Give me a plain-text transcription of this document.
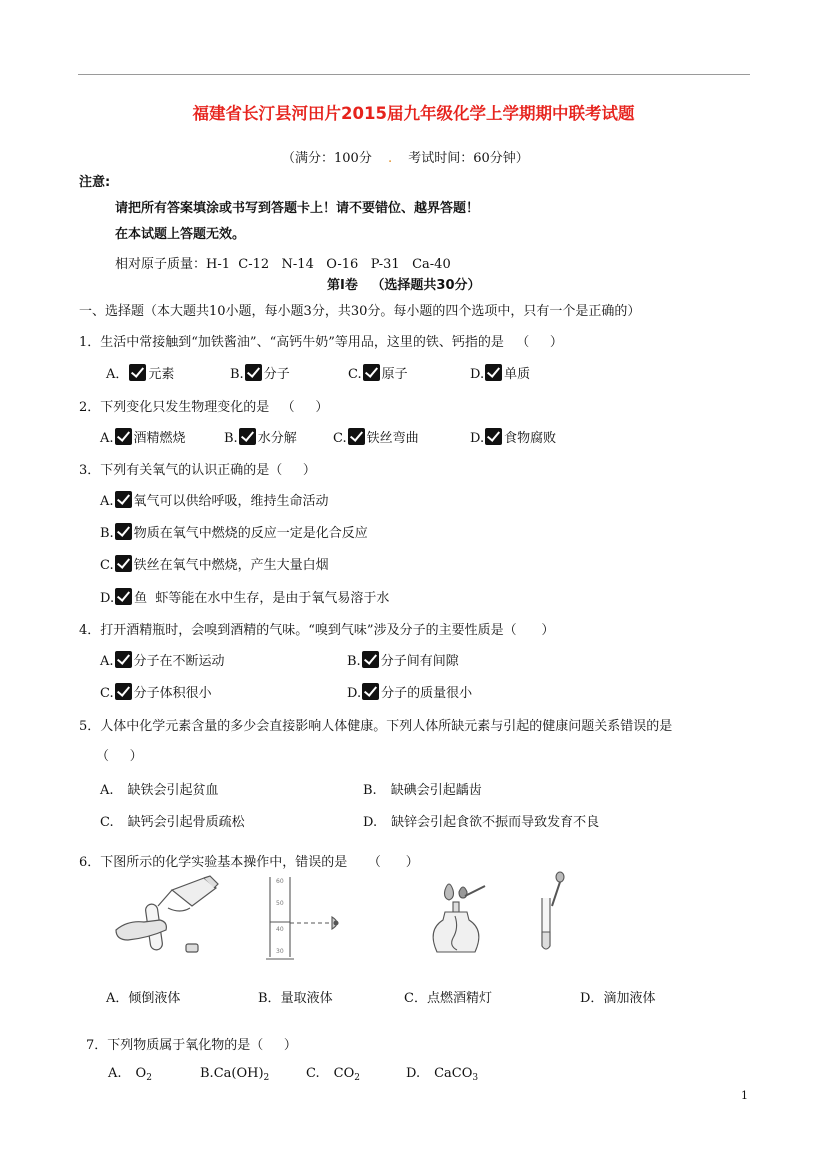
福建省长汀县河田片2015届九年级化学上学期期中联考试题
（满分：100分 . 考试时间：60分钟）
注意:
请把所有答案填涂或书写到答题卡上！请不要错位、越界答题！
在本试题上答题无效。
相对原子质量：H-1  C-12   N-14   O-16   P-31   Ca-40
第Ⅰ卷   （选择题共30分）
一、选择题（本大题共10小题，每小题3分，共30分。每小题的四个选项中，只有一个是正确的）
1．生活中常接触到“加铁酱油”、“高钙牛奶”等用品，这里的铁、钙指的是   （     ）
A． 元素	B. 分子	C. 原子	D. 单质
2．下列变化只发生物理变化的是   （     ）
A. 酒精燃烧	B. 水分解	C. 铁丝弯曲	D. 食物腐败
3．下列有关氧气的认识正确的是（     ）
A. 氧气可以供给呼吸，维持生命活动
B. 物质在氧气中燃烧的反应一定是化合反应
C. 铁丝在氧气中燃烧，产生大量白烟
D. 鱼  虾等能在水中生存，是由于氧气易溶于水
4．打开酒精瓶时，会嗅到酒精的气味。“嗅到气味”涉及分子的主要性质是（      ）
A. 分子在不断运动	B. 分子间有间隙
C. 分子体积很小	D. 分子的质量很小
5．人体中化学元素含量的多少会直接影响人体健康。下列人体所缺元素与引起的健康问题关系错误的是
（     ）
A. 缺铁会引起贫血	B. 缺碘会引起龋齿
C. 缺钙会引起骨质疏松	D. 缺锌会引起食欲不振而导致发育不良
6．下图所示的化学实验基本操作中，错误的是     （      ）
60
50
40
30
A．倾倒液体	B．量取液体	C．点燃酒精灯	D．滴加液体
7．下列物质属于氧化物的是（     ）
A. $O_2$	$B.Ca(OH)_2$	C. $CO_2$	D. CaCO$_3$
1
